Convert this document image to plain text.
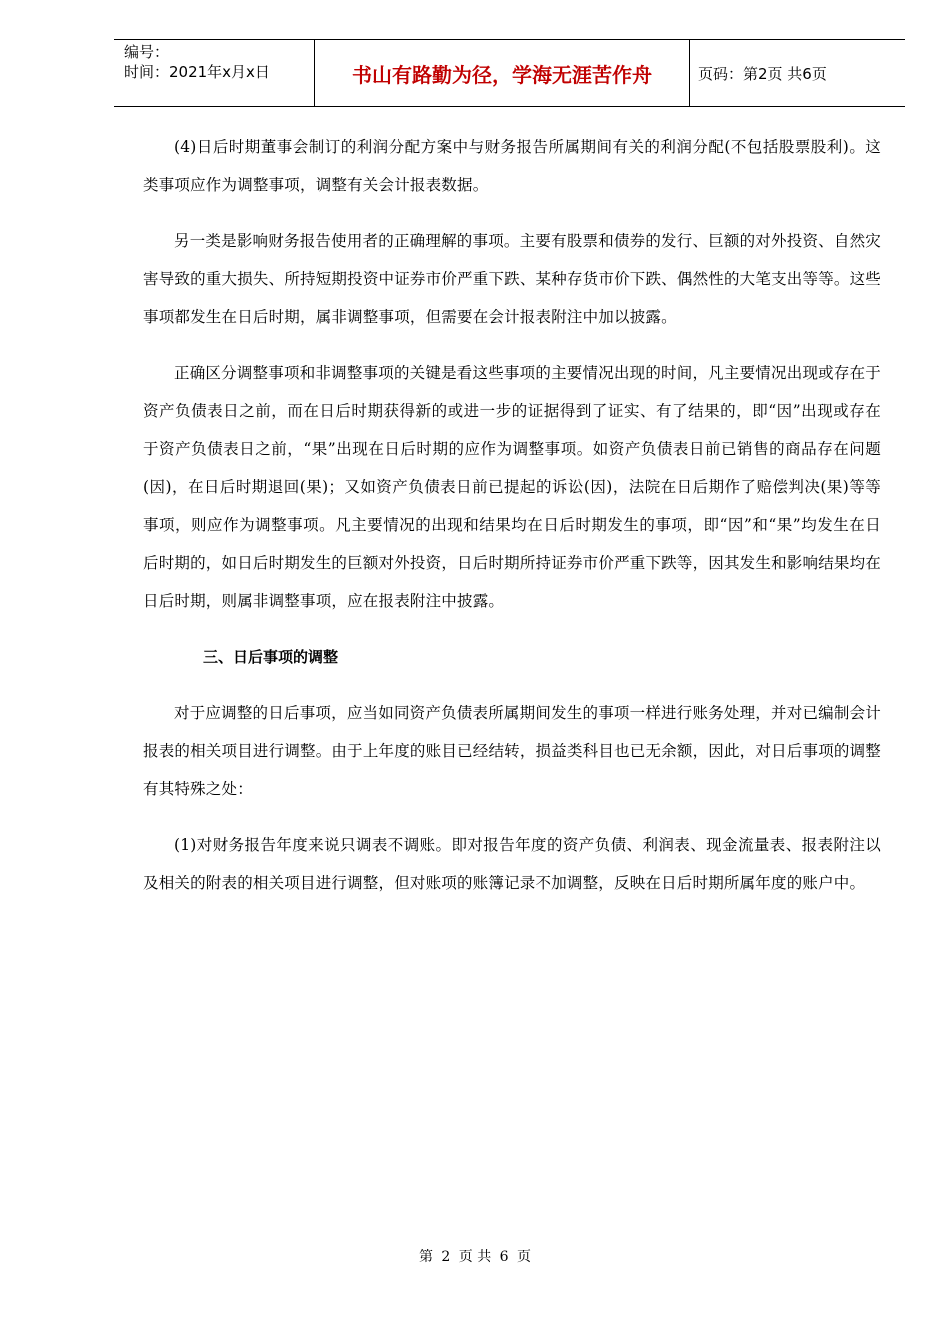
编号：
时间：2021年x月x日	书山有路勤为径，学海无涯苦作舟	页码：第2页 共6页

(4)日后时期董事会制订的利润分配方案中与财务报告所属期间有关的利润分配(不包括股票股利)。这类事项应作为调整事项，调整有关会计报表数据。

另一类是影响财务报告使用者的正确理解的事项。主要有股票和债券的发行、巨额的对外投资、自然灾害导致的重大损失、所持短期投资中证券市价严重下跌、某种存货市价下跌、偶然性的大笔支出等等。这些事项都发生在日后时期，属非调整事项，但需要在会计报表附注中加以披露。

正确区分调整事项和非调整事项的关键是看这些事项的主要情况出现的时间，凡主要情况出现或存在于资产负债表日之前，而在日后时期获得新的或进一步的证据得到了证实、有了结果的，即“因”出现或存在于资产负债表日之前，“果”出现在日后时期的应作为调整事项。如资产负债表日前已销售的商品存在问题(因)，在日后时期退回(果)；又如资产负债表日前已提起的诉讼(因)，法院在日后期作了赔偿判决(果)等等事项，则应作为调整事项。凡主要情况的出现和结果均在日后时期发生的事项，即“因”和“果”均发生在日后时期的，如日后时期发生的巨额对外投资，日后时期所持证券市价严重下跌等，因其发生和影响结果均在日后时期，则属非调整事项，应在报表附注中披露。

三、日后事项的调整

对于应调整的日后事项，应当如同资产负债表所属期间发生的事项一样进行账务处理，并对已编制会计报表的相关项目进行调整。由于上年度的账目已经结转，损益类科目也已无余额，因此，对日后事项的调整有其特殊之处：

(1)对财务报告年度来说只调表不调账。即对报告年度的资产负债、利润表、现金流量表、报表附注以及相关的附表的相关项目进行调整，但对账项的账簿记录不加调整，反映在日后时期所属年度的账户中。

第 2 页 共 6 页
